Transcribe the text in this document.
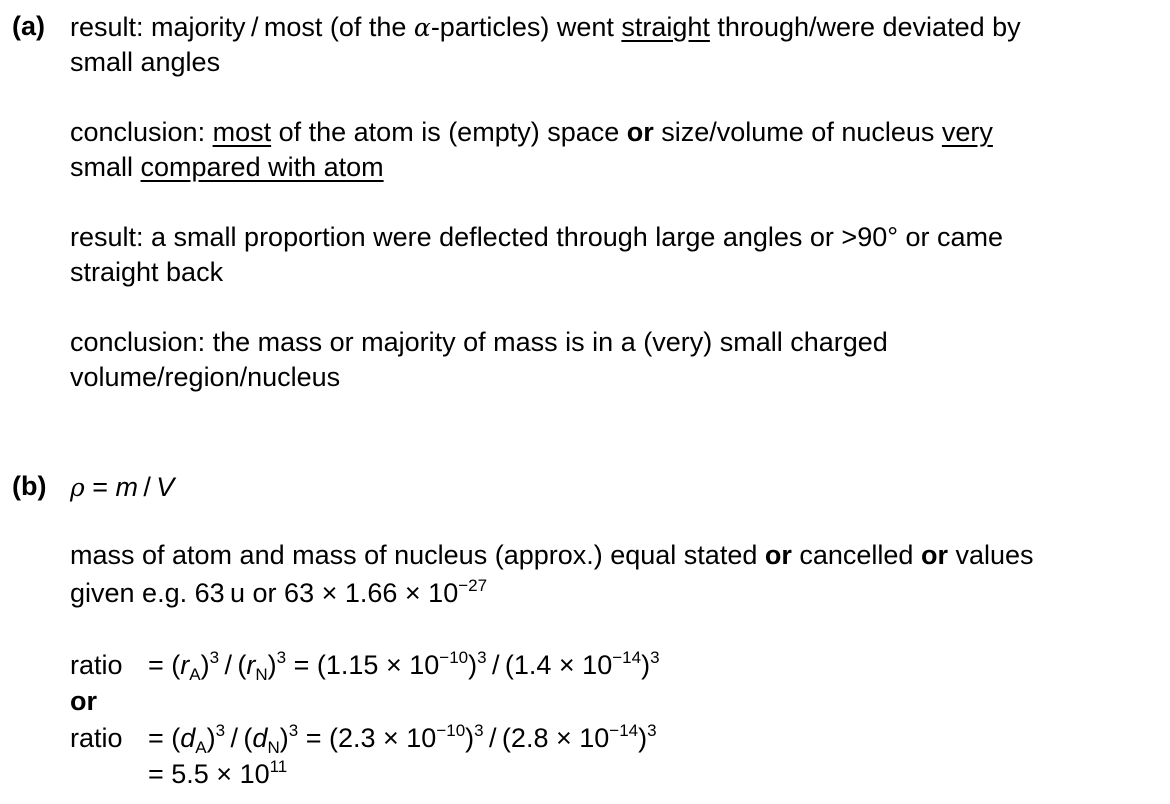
(a) result: majority / most (of the α-particles) went straight through/were deviated by
small angles
conclusion: most of the atom is (empty) space or size/volume of nucleus very
small compared with atom
result: a small proportion were deflected through large angles or >90° or came
straight back
conclusion: the mass or majority of mass is in a (very) small charged
volume/region/nucleus
(b) ρ = m / V
mass of atom and mass of nucleus (approx.) equal stated or cancelled or values
given e.g. 63 u or $63 \times 1.66 \times 10^{-27}$
ratio = $(r_A)^3 / (r_N)^3 = (1.15 \times 10^{-10})^3 / (1.4 \times 10^{-14})^3$
or
ratio = $(d_A)^3 / (d_N)^3 = (2.3 \times 10^{-10})^3 / (2.8 \times 10^{-14})^3$
= $5.5 \times 10^{11}$
